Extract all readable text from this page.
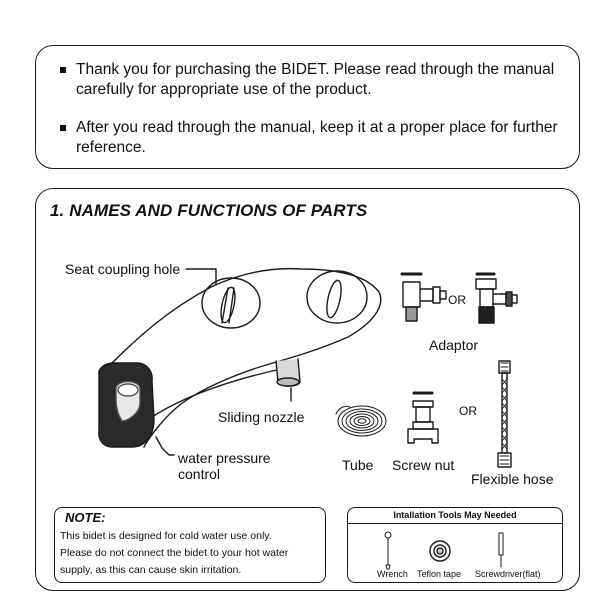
Thank you for purchasing the BIDET. Please read through the manual carefully for appropriate use of the product.
After you read through the manual, keep it at a proper place for further reference.
1. NAMES AND FUNCTIONS OF PARTS
Seat coupling hole
Sliding nozzle
water pressure
control
OR
Adaptor
OR
Tube Screw nut
Flexible hose
NOTE:
This bidet is designed for cold water use only.
Please do not connect the bidet to your hot water
supply, as this can cause skin irritation.
Intallation Tools May Needed
Wrench Teflon tape Screwdriver(flat)
